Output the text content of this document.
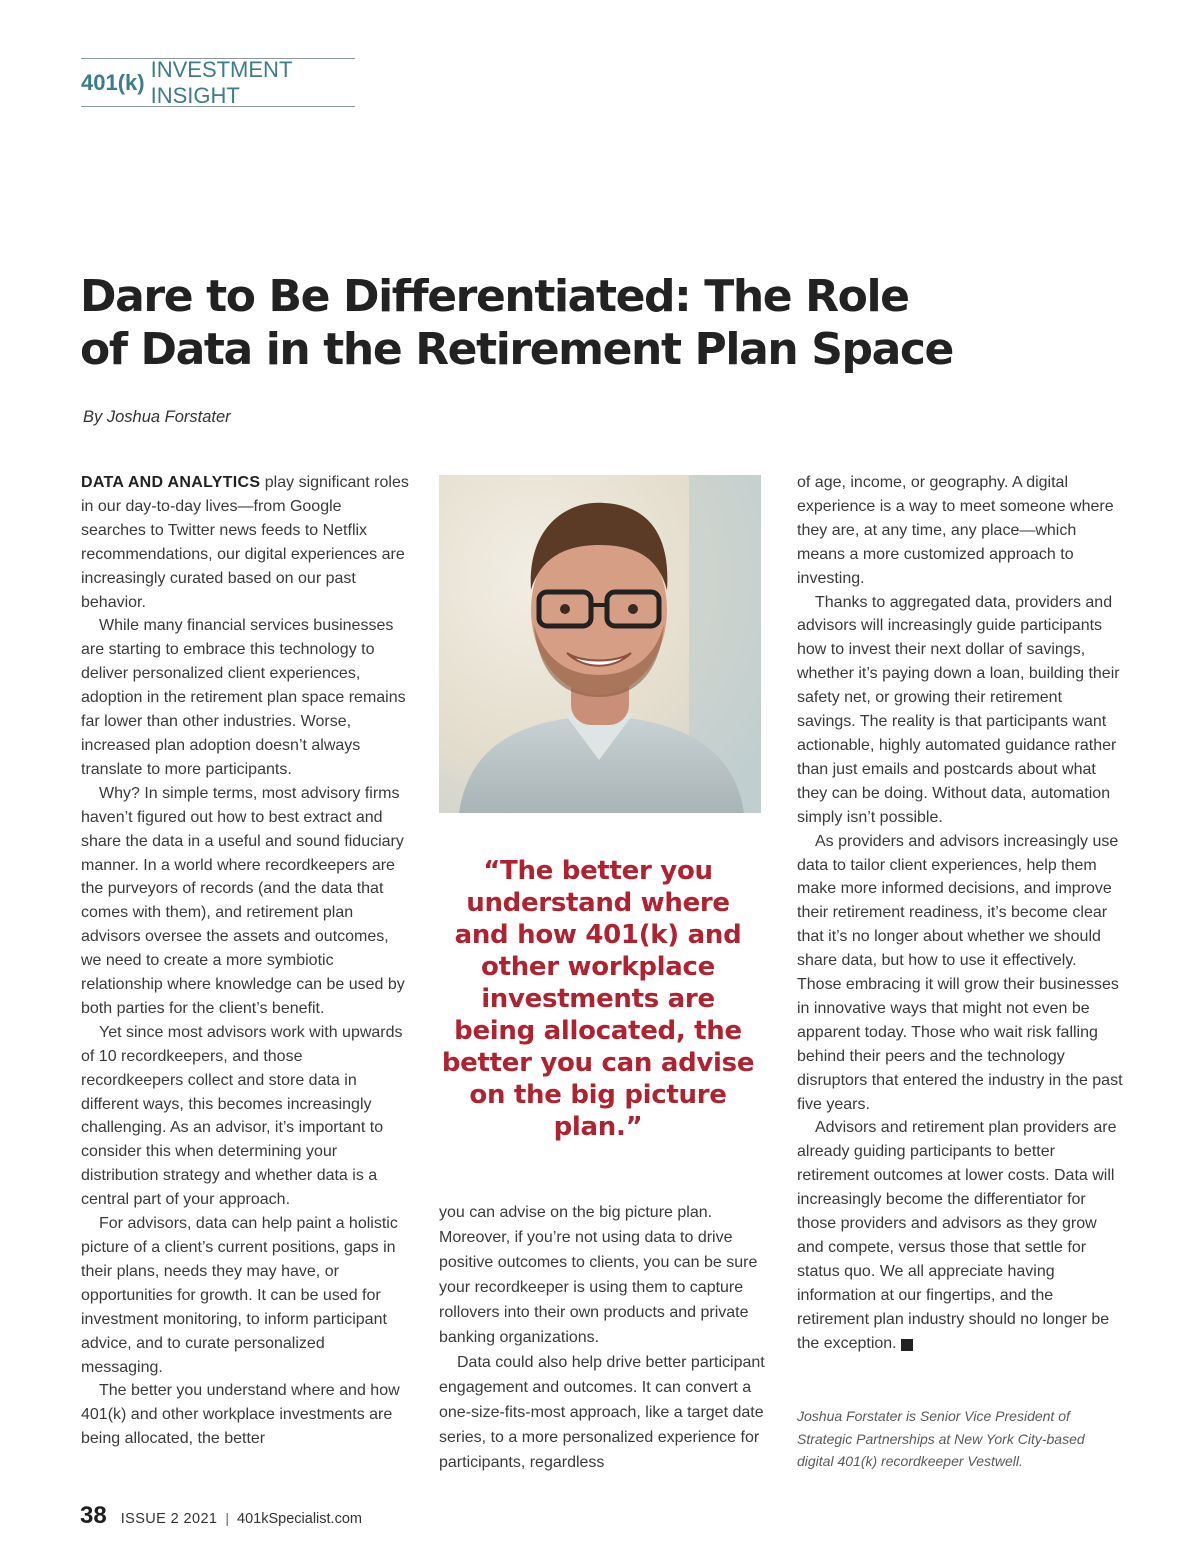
401(k)
INVESTMENT INSIGHT
Dare to Be Differentiated: The Role
of Data in the Retirement Plan Space
By Joshua Forstater

DATA AND ANALYTICS play significant roles in our day-to-day lives—from Google searches to Twitter news feeds to Netflix recommendations, our digital experiences are increasingly curated based on our past behavior.

While many financial services businesses are starting to embrace this technology to deliver personalized client experiences, adoption in the retirement plan space remains far lower than other industries. Worse, increased plan adoption doesn’t always translate to more participants.

Why? In simple terms, most advisory firms haven’t figured out how to best extract and share the data in a useful and sound fiduciary manner. In a world where recordkeepers are the purveyors of records (and the data that comes with them), and retirement plan advisors oversee the assets and outcomes, we need to create a more symbiotic relationship where knowledge can be used by both parties for the client’s benefit.

Yet since most advisors work with upwards of 10 recordkeepers, and those recordkeepers collect and store data in different ways, this becomes increasingly challenging. As an advisor, it’s important to consider this when determining your distribution strategy and whether data is a central part of your approach.

For advisors, data can help paint a holistic picture of a client’s current positions, gaps in their plans, needs they may have, or opportunities for growth. It can be used for investment monitoring, to inform participant advice, and to curate personalized messaging.

The better you understand where and how 401(k) and other workplace investments are being allocated, the better

“The better you understand where and how 401(k) and other workplace investments are being allocated, the better you can advise on the big picture plan.”

you can advise on the big picture plan. Moreover, if you’re not using data to drive positive outcomes to clients, you can be sure your recordkeeper is using them to capture rollovers into their own products and private banking organizations.

Data could also help drive better participant engagement and outcomes. It can convert a one-size-fits-most approach, like a target date series, to a more personalized experience for participants, regardless

of age, income, or geography. A digital experience is a way to meet someone where they are, at any time, any place—which means a more customized approach to investing.

Thanks to aggregated data, providers and advisors will increasingly guide participants how to invest their next dollar of savings, whether it’s paying down a loan, building their safety net, or growing their retirement savings. The reality is that participants want actionable, highly automated guidance rather than just emails and postcards about what they can be doing. Without data, automation simply isn’t possible.

As providers and advisors increasingly use data to tailor client experiences, help them make more informed decisions, and improve their retirement readiness, it’s become clear that it’s no longer about whether we should share data, but how to use it effectively. Those embracing it will grow their businesses in innovative ways that might not even be apparent today. Those who wait risk falling behind their peers and the technology disruptors that entered the industry in the past five years.

Advisors and retirement plan providers are already guiding participants to better retirement outcomes at lower costs. Data will increasingly become the differentiator for those providers and advisors as they grow and compete, versus those that settle for status quo. We all appreciate having information at our fingertips, and the retirement plan industry should no longer be the exception. k

Joshua Forstater is Senior Vice President of Strategic Partnerships at New York City-based digital 401(k) recordkeeper Vestwell.
38 ISSUE 2 2021 | 401kSpecialist.com
